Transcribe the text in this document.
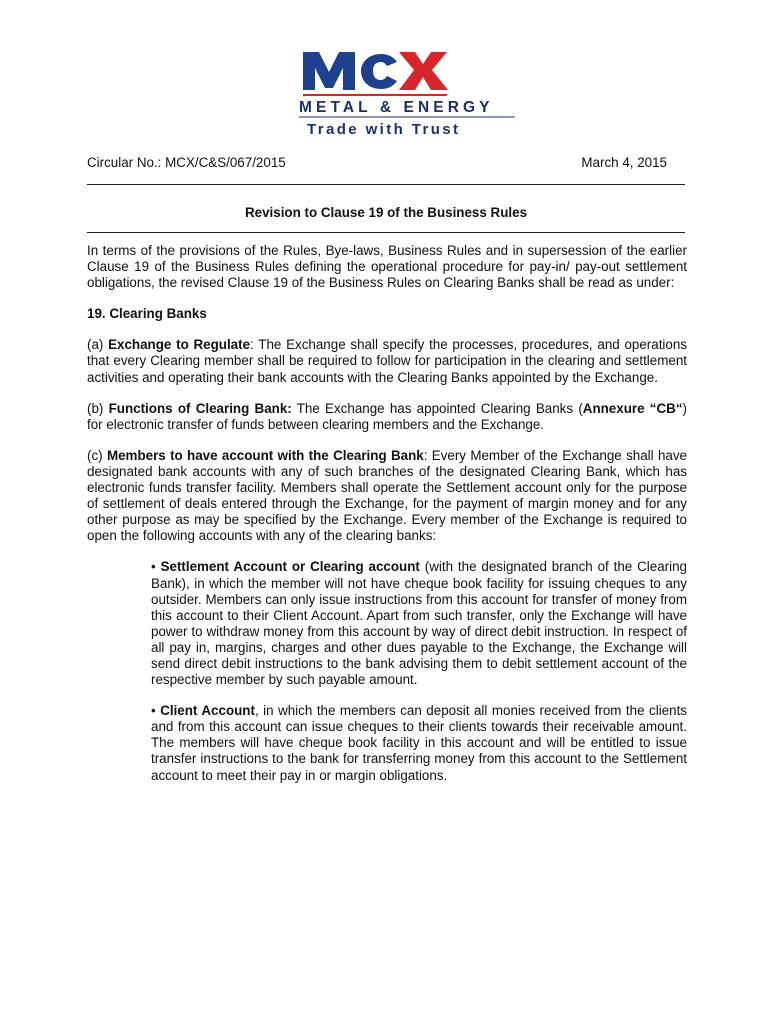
METAL & ENERGY
Trade with Trust
Circular No.: MCX/C&S/067/2015	March 4, 2015
Revision to Clause 19 of the Business Rules

In terms of the provisions of the Rules, Bye-laws, Business Rules and in supersession of the earlier Clause 19 of the Business Rules defining the operational procedure for pay-in/ pay-out settlement obligations, the revised Clause 19 of the Business Rules on Clearing Banks shall be read as under:

19. Clearing Banks

(a) Exchange to Regulate: The Exchange shall specify the processes, procedures, and operations that every Clearing member shall be required to follow for participation in the clearing and settlement activities and operating their bank accounts with the Clearing Banks appointed by the Exchange.

(b) Functions of Clearing Bank: The Exchange has appointed Clearing Banks (Annexure “CB“) for electronic transfer of funds between clearing members and the Exchange.

(c) Members to have account with the Clearing Bank: Every Member of the Exchange shall have designated bank accounts with any of such branches of the designated Clearing Bank, which has electronic funds transfer facility. Members shall operate the Settlement account only for the purpose of settlement of deals entered through the Exchange, for the payment of margin money and for any other purpose as may be specified by the Exchange. Every member of the Exchange is required to open the following accounts with any of the clearing banks:

• Settlement Account or Clearing account (with the designated branch of the Clearing Bank), in which the member will not have cheque book facility for issuing cheques to any outsider. Members can only issue instructions from this account for transfer of money from this account to their Client Account. Apart from such transfer, only the Exchange will have power to withdraw money from this account by way of direct debit instruction. In respect of all pay in, margins, charges and other dues payable to the Exchange, the Exchange will send direct debit instructions to the bank advising them to debit settlement account of the respective member by such payable amount.

• Client Account, in which the members can deposit all monies received from the clients and from this account can issue cheques to their clients towards their receivable amount. The members will have cheque book facility in this account and will be entitled to issue transfer instructions to the bank for transferring money from this account to the Settlement account to meet their pay in or margin obligations.
